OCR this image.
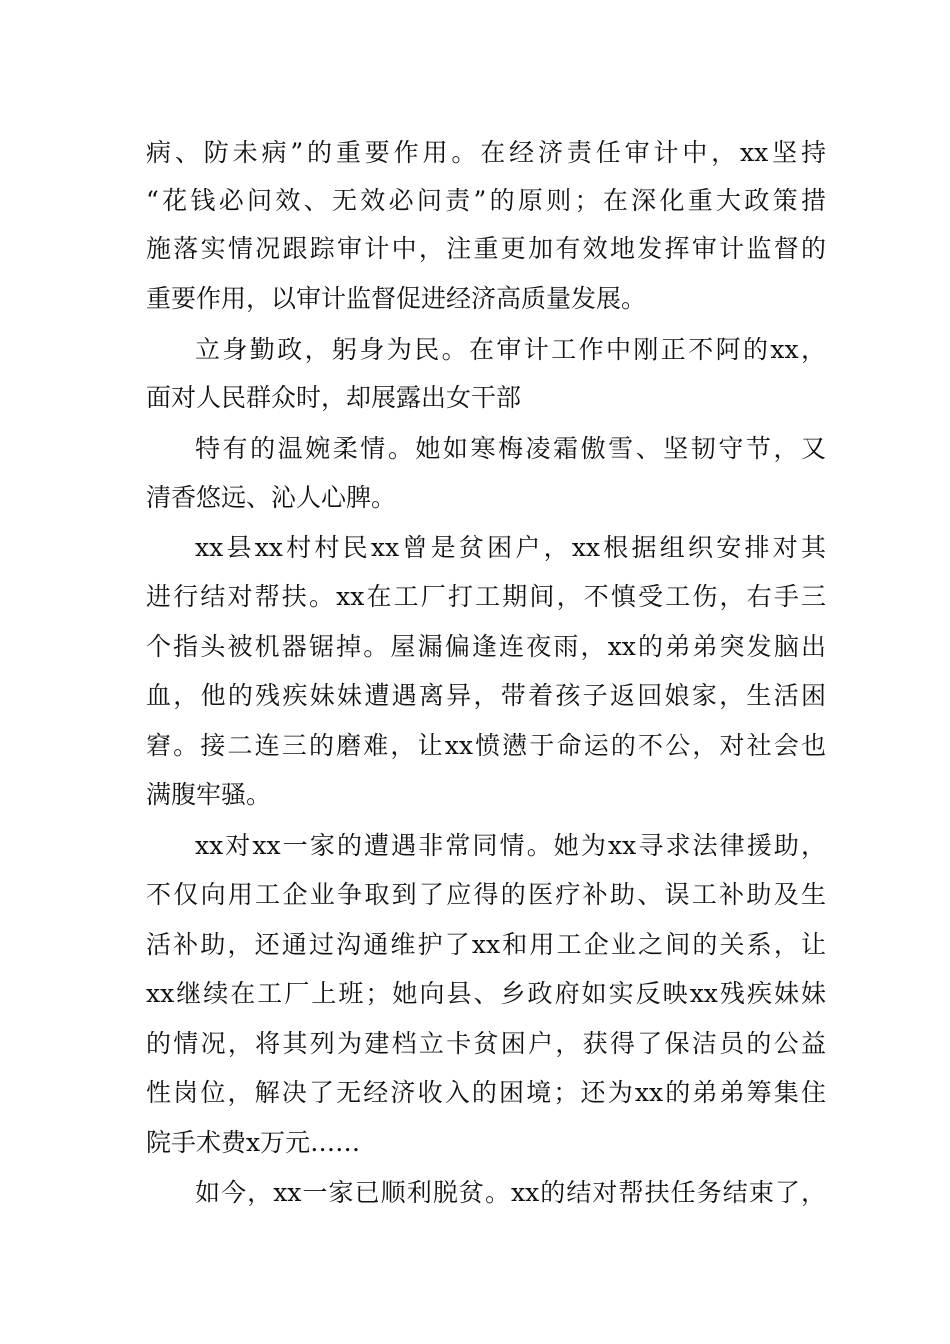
病、防未病”的重要作用。在经济责任审计中，xx坚持
“花钱必问效、无效必问责”的原则；在深化重大政策措
施落实情况跟踪审计中，注重更加有效地发挥审计监督的
重要作用，以审计监督促进经济高质量发展。
立身勤政，躬身为民。在审计工作中刚正不阿的xx，
面对人民群众时，却展露出女干部
特有的温婉柔情。她如寒梅凌霜傲雪、坚韧守节，又
清香悠远、沁人心脾。
xx县xx村村民xx曾是贫困户，xx根据组织安排对其
进行结对帮扶。xx在工厂打工期间，不慎受工伤，右手三
个指头被机器锯掉。屋漏偏逢连夜雨，xx的弟弟突发脑出
血，他的残疾妹妹遭遇离异，带着孩子返回娘家，生活困
窘。接二连三的磨难，让xx愤懑于命运的不公，对社会也
满腹牢骚。
xx对xx一家的遭遇非常同情。她为xx寻求法律援助，
不仅向用工企业争取到了应得的医疗补助、误工补助及生
活补助，还通过沟通维护了xx和用工企业之间的关系，让
xx继续在工厂上班；她向县、乡政府如实反映xx残疾妹妹
的情况，将其列为建档立卡贫困户，获得了保洁员的公益
性岗位，解决了无经济收入的困境；还为xx的弟弟筹集住
院手术费x万元……
如今，xx一家已顺利脱贫。xx的结对帮扶任务结束了，
